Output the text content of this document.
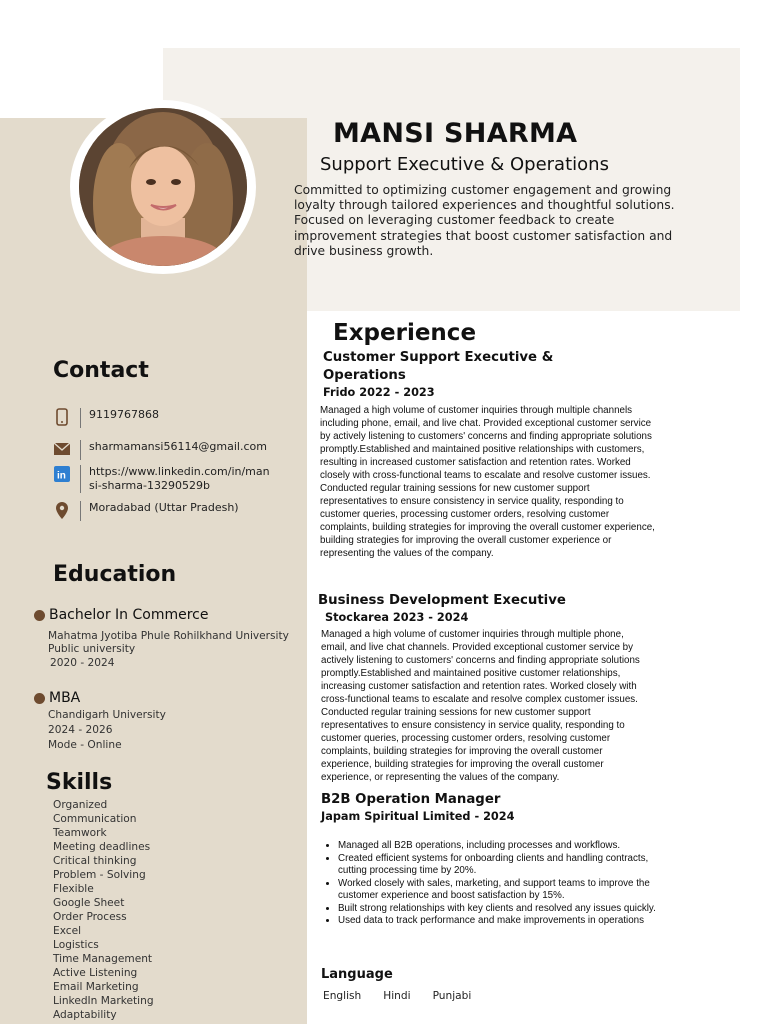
MANSI SHARMA
Support Executive & Operations
Committed to optimizing customer engagement and growing loyalty through tailored experiences and thoughtful solutions. Focused on leveraging customer feedback to create improvement strategies that boost customer satisfaction and drive business growth.
Contact
9119767868
sharmamansi56114@gmail.com
in https://www.linkedin.com/in/mansi-sharma-13290529b
Moradabad (Uttar Pradesh)
Education
Bachelor In Commerce
Mahatma Jyotiba Phule Rohilkhand University
Public university
2020 - 2024
MBA
Chandigarh University
2024 - 2026
Mode - Online
Skills
Organized
Communication
Teamwork
Meeting deadlines
Critical thinking
Problem - Solving
Flexible
Google Sheet
Order Process
Excel
Logistics
Time Management
Active Listening
Email Marketing
LinkedIn Marketing
Adaptability
Experience
Customer Support Executive & Operations
Frido 2022 - 2023
Managed a high volume of customer inquiries through multiple channels including phone, email, and live chat. Provided exceptional customer service by actively listening to customers' concerns and finding appropriate solutions promptly.Established and maintained positive relationships with customers, resulting in increased customer satisfaction and retention rates. Worked closely with cross-functional teams to escalate and resolve customer issues. Conducted regular training sessions for new customer support representatives to ensure consistency in service quality, responding to customer queries, processing customer orders, resolving customer complaints, building strategies for improving the overall customer experience, building strategies for improving the overall customer experience or representing the values of the company.
Business Development Executive
Stockarea 2023 - 2024
Managed a high volume of customer inquiries through multiple phone, email, and live chat channels. Provided exceptional customer service by actively listening to customers' concerns and finding appropriate solutions promptly.Established and maintained positive customer relationships, increasing customer satisfaction and retention rates. Worked closely with cross-functional teams to escalate and resolve complex customer issues. Conducted regular training sessions for new customer support representatives to ensure consistency in service quality, responding to customer queries, processing customer orders, resolving customer complaints, building strategies for improving the overall customer experience, building strategies for improving the overall customer experience, or representing the values of the company.
B2B Operation Manager
Japam Spiritual Limited - 2024
• Managed all B2B operations, including processes and workflows.
• Created efficient systems for onboarding clients and handling contracts, cutting processing time by 20%.
• Worked closely with sales, marketing, and support teams to improve the customer experience and boost satisfaction by 15%.
• Built strong relationships with key clients and resolved any issues quickly.
• Used data to track performance and make improvements in operations
Language
English Hindi Punjabi
